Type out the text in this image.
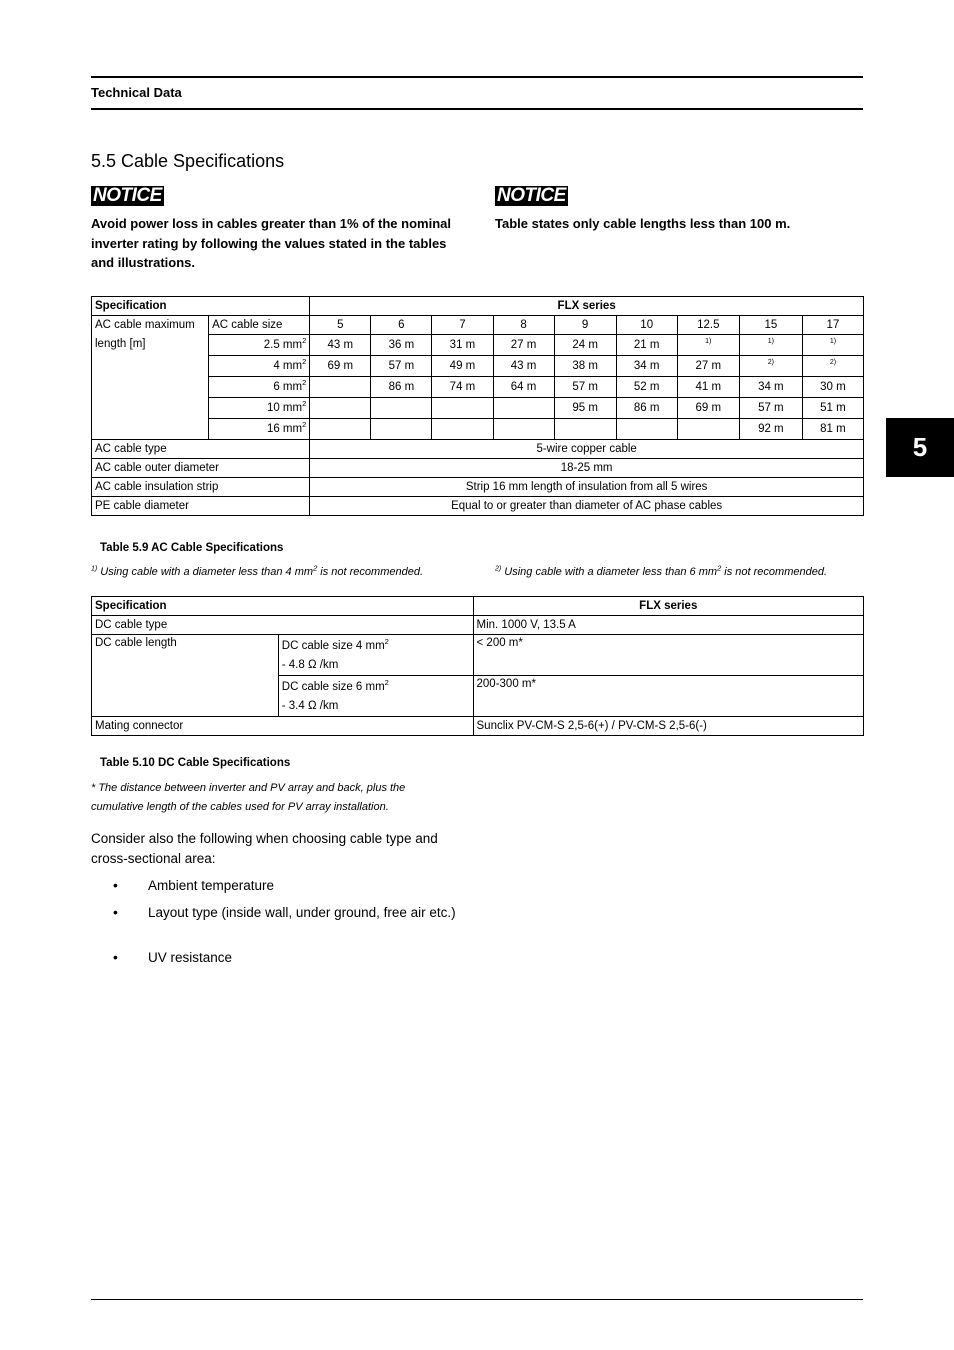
Technical Data
5.5 Cable Specifications
NOTICE
Avoid power loss in cables greater than 1% of the nominal inverter rating by following the values stated in the tables and illustrations.
NOTICE
Table states only cable lengths less than 100 m.
5
Specification		FLX series								
AC cable maximum length [m]	AC cable size	5	6	7	8	9	10	12.5	15	17
	2.5 $mm^2$	43 m	36 m	31 m	27 m	24 m	21 m	$^{1)}$	$^{1)}$	$^{1)}$
	4 $mm^2$	69 m	57 m	49 m	43 m	38 m	34 m	27 m	$^{2)}$	$^{2)}$
	6 $mm^2$		86 m	74 m	64 m	57 m	52 m	41 m	34 m	30 m
	10 $mm^2$					95 m	86 m	69 m	57 m	51 m
	16 $mm^2$								92 m	81 m
AC cable type		5-wire copper cable								
AC cable outer diameter		18-25 mm								
AC cable insulation strip		Strip 16 mm length of insulation from all 5 wires								
PE cable diameter		Equal to or greater than diameter of AC phase cables								
Table 5.9 AC Cable Specifications
$^{1)}$ Using cable with a diameter less than 4 $mm^2$ is not recommended.	$^{2)}$ Using cable with a diameter less than 6 $mm^2$ is not recommended.
Specification		FLX series
DC cable type		Min. 1000 V, 13.5 A
DC cable length	DC cable size 4 $mm^2$
- 4.8 Ω /km	< 200 m*
	DC cable size 6 $mm^2$
- 3.4 Ω /km	200-300 m*
Mating connector		Sunclix PV-CM-S 2,5-6(+) / PV-CM-S 2,5-6(-)
Table 5.10 DC Cable Specifications
* The distance between inverter and PV array and back, plus the cumulative length of the cables used for PV array installation.
Consider also the following when choosing cable type and cross-sectional area:
• Ambient temperature
• Layout type (inside wall, under ground, free air etc.)
• UV resistance
